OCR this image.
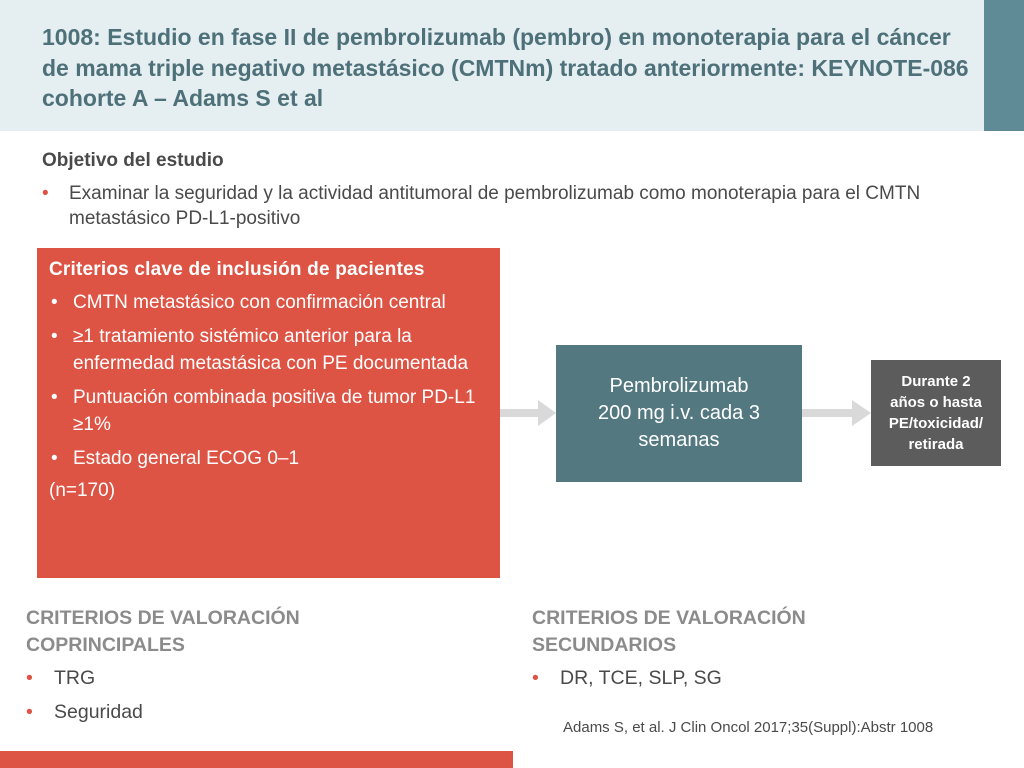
1008: Estudio en fase II de pembrolizumab (pembro) en monoterapia para el cáncer de mama triple negativo metastásico (CMTNm) tratado anteriormente: KEYNOTE-086 cohorte A – Adams S et al
Objetivo del estudio
• Examinar la seguridad y la actividad antitumoral de pembrolizumab como monoterapia para el CMTN metastásico PD-L1-positivo
Criterios clave de inclusión de pacientes
• CMTN metastásico con confirmación central
• ≥1 tratamiento sistémico anterior para la enfermedad metastásica con PE documentada
• Puntuación combinada positiva de tumor PD-L1 ≥1%
• Estado general ECOG 0–1
(n=170)
Pembrolizumab
200 mg i.v. cada 3
semanas
Durante 2
años o hasta
PE/toxicidad/
retirada
CRITERIOS DE VALORACIÓN
COPRINCIPALES
• TRG
• Seguridad
CRITERIOS DE VALORACIÓN
SECUNDARIOS
• DR, TCE, SLP, SG
Adams S, et al. J Clin Oncol 2017;35(Suppl):Abstr 1008
